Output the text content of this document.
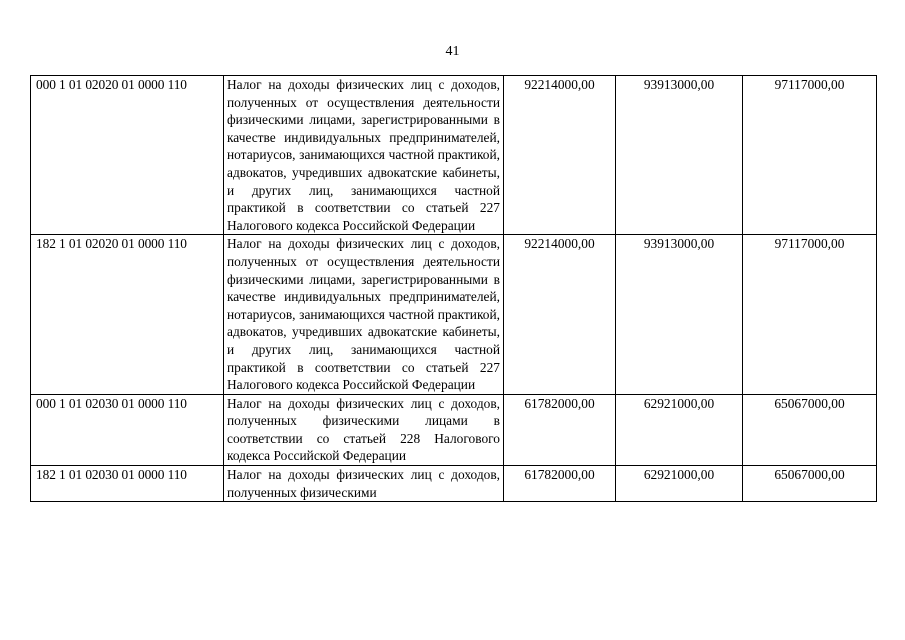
41
000 1 01 02020 01 0000 110	Налог на доходы физических лиц с доходов, полученных от осуществления деятельности физическими лицами, зарегистрированными в качестве индивидуальных предпринимателей, нотариусов, занимающихся частной практикой, адвокатов, учредивших адвокатские кабинеты, и других лиц, занимающихся частной практикой в соответствии со статьей 227 Налогового кодекса Российской Федерации	92214000,00	93913000,00	97117000,00
182 1 01 02020 01 0000 110	Налог на доходы физических лиц с доходов, полученных от осуществления деятельности физическими лицами, зарегистрированными в качестве индивидуальных предпринимателей, нотариусов, занимающихся частной практикой, адвокатов, учредивших адвокатские кабинеты, и других лиц, занимающихся частной практикой в соответствии со статьей 227 Налогового кодекса Российской Федерации	92214000,00	93913000,00	97117000,00
000 1 01 02030 01 0000 110	Налог на доходы физических лиц с доходов, полученных физическими лицами в соответствии со статьей 228 Налогового кодекса Российской Федерации	61782000,00	62921000,00	65067000,00
182 1 01 02030 01 0000 110	Налог на доходы физических лиц с доходов, полученных физическими	61782000,00	62921000,00	65067000,00
